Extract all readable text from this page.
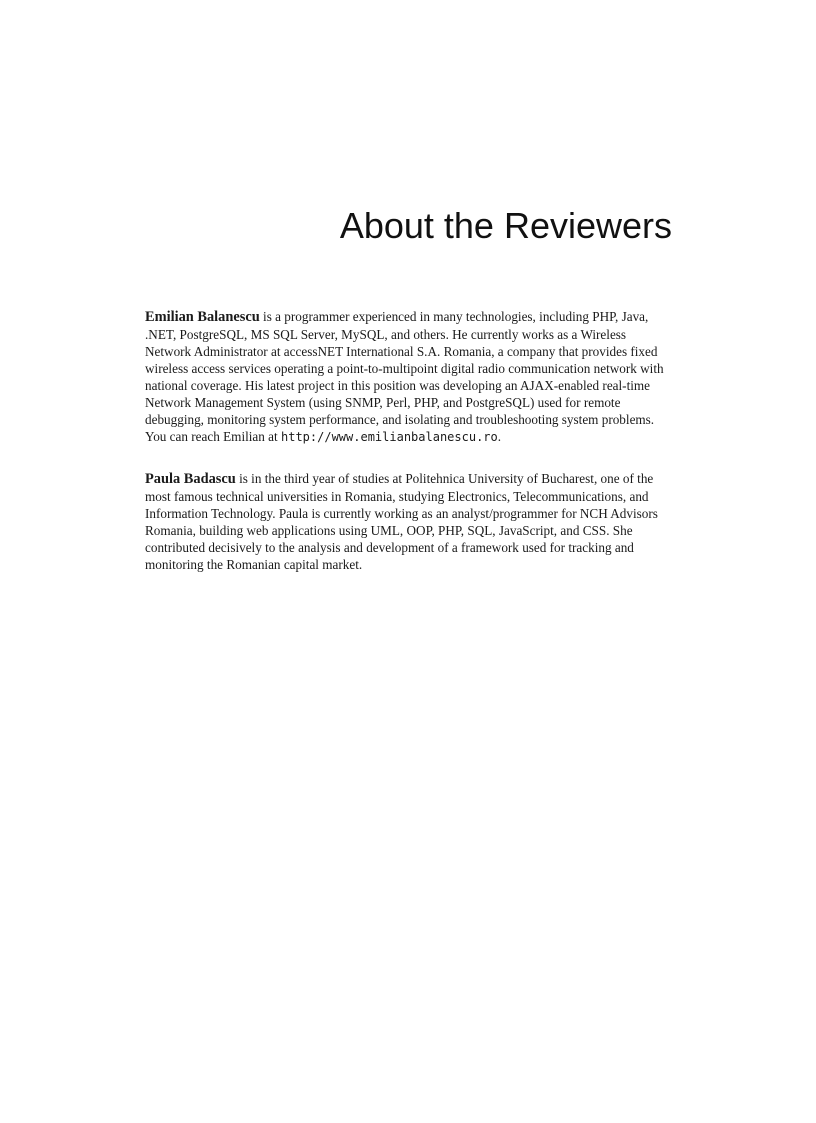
About the Reviewers

Emilian Balanescu is a programmer experienced in many technologies, including PHP, Java, .NET, PostgreSQL, MS SQL Server, MySQL, and others. He currently works as a Wireless Network Administrator at accessNET International S.A. Romania, a company that provides fixed wireless access services operating a point-to-multipoint digital radio communication network with national coverage. His latest project in this position was developing an AJAX-enabled real-time Network Management System (using SNMP, Perl, PHP, and PostgreSQL) used for remote debugging, monitoring system performance, and isolating and troubleshooting system problems. You can reach Emilian at http://www.emilianbalanescu.ro.

Paula Badascu is in the third year of studies at Politehnica University of Bucharest, one of the most famous technical universities in Romania, studying Electronics, Telecommunications, and Information Technology. Paula is currently working as an analyst/programmer for NCH Advisors Romania, building web applications using UML, OOP, PHP, SQL, JavaScript, and CSS. She contributed decisively to the analysis and development of a framework used for tracking and monitoring the Romanian capital market.
